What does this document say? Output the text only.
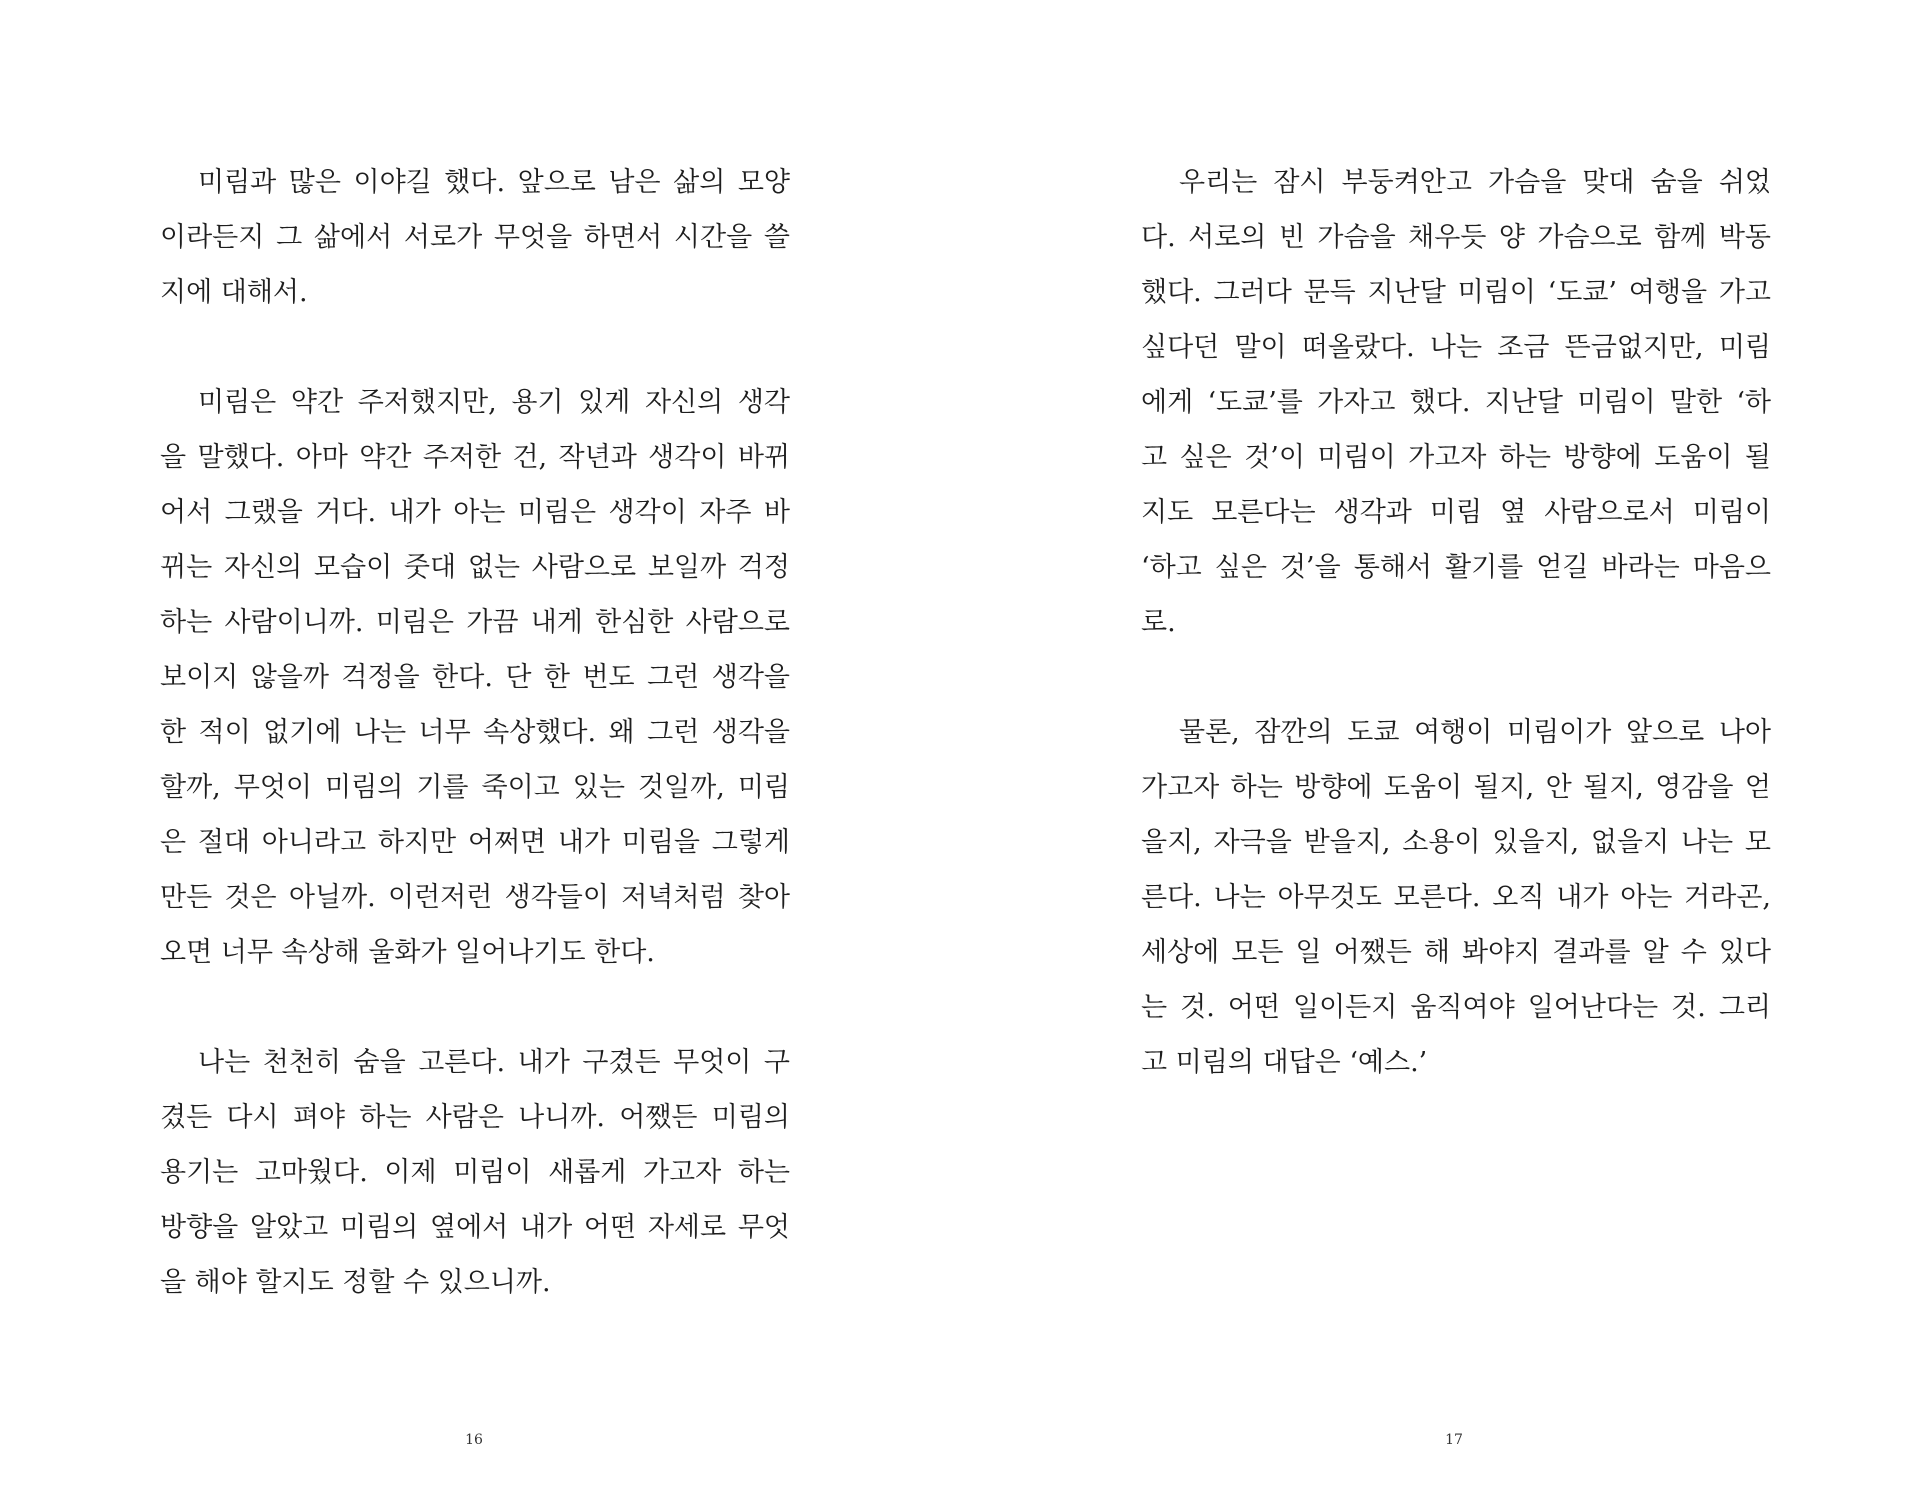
미림과 많은 이야길 했다. 앞으로 남은 삶의 모양
이라든지 그 삶에서 서로가 무엇을 하면서 시간을 쓸
지에 대해서.
미림은 약간 주저했지만, 용기 있게 자신의 생각
을 말했다. 아마 약간 주저한 건, 작년과 생각이 바뀌
어서 그랬을 거다. 내가 아는 미림은 생각이 자주 바
뀌는 자신의 모습이 줏대 없는 사람으로 보일까 걱정
하는 사람이니까. 미림은 가끔 내게 한심한 사람으로
보이지 않을까 걱정을 한다. 단 한 번도 그런 생각을
한 적이 없기에 나는 너무 속상했다. 왜 그런 생각을
할까, 무엇이 미림의 기를 죽이고 있는 것일까, 미림
은 절대 아니라고 하지만 어쩌면 내가 미림을 그렇게
만든 것은 아닐까. 이런저런 생각들이 저녁처럼 찾아
오면 너무 속상해 울화가 일어나기도 한다.
나는 천천히 숨을 고른다. 내가 구겼든 무엇이 구
겼든 다시 펴야 하는 사람은 나니까. 어쨌든 미림의
용기는 고마웠다. 이제 미림이 새롭게 가고자 하는
방향을 알았고 미림의 옆에서 내가 어떤 자세로 무엇
을 해야 할지도 정할 수 있으니까.
16
우리는 잠시 부둥켜안고 가슴을 맞대 숨을 쉬었
다. 서로의 빈 가슴을 채우듯 양 가슴으로 함께 박동
했다. 그러다 문득 지난달 미림이 ‘도쿄’ 여행을 가고
싶다던 말이 떠올랐다. 나는 조금 뜬금없지만, 미림
에게 ‘도쿄’를 가자고 했다. 지난달 미림이 말한 ‘하
고 싶은 것’이 미림이 가고자 하는 방향에 도움이 될
지도 모른다는 생각과 미림 옆 사람으로서 미림이
‘하고 싶은 것’을 통해서 활기를 얻길 바라는 마음으
로.
물론, 잠깐의 도쿄 여행이 미림이가 앞으로 나아
가고자 하는 방향에 도움이 될지, 안 될지, 영감을 얻
을지, 자극을 받을지, 소용이 있을지, 없을지 나는 모
른다. 나는 아무것도 모른다. 오직 내가 아는 거라곤,
세상에 모든 일 어쨌든 해 봐야지 결과를 알 수 있다
는 것. 어떤 일이든지 움직여야 일어난다는 것. 그리
고 미림의 대답은 ‘예스.’
17
